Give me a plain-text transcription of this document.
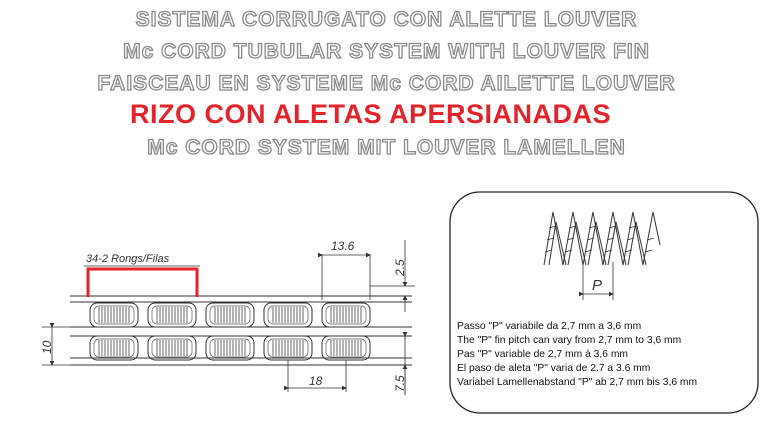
SISTEMA CORRUGATO CON ALETTE LOUVER
Mc CORD TUBULAR SYSTEM WITH LOUVER FIN
FAISCEAU EN SYSTEME Mc CORD AILETTE LOUVER
RIZO CON ALETAS APERSIANADAS
Mc CORD SYSTEM MIT LOUVER LAMELLEN
34-2 Rongs/Filas
13.6
2.5
7.5
10
18
P
Passo "P" variabile da 2,7 mm a 3,6 mm
The "P" fin pitch can vary from 2,7 mm to 3,6 mm
Pas "P" variable de 2,7 mm à 3,6 mm
El paso de aleta "P" varia de 2.7 a 3.6 mm
Variabel Lamellenabstand "P" ab 2,7 mm bis 3,6 mm
